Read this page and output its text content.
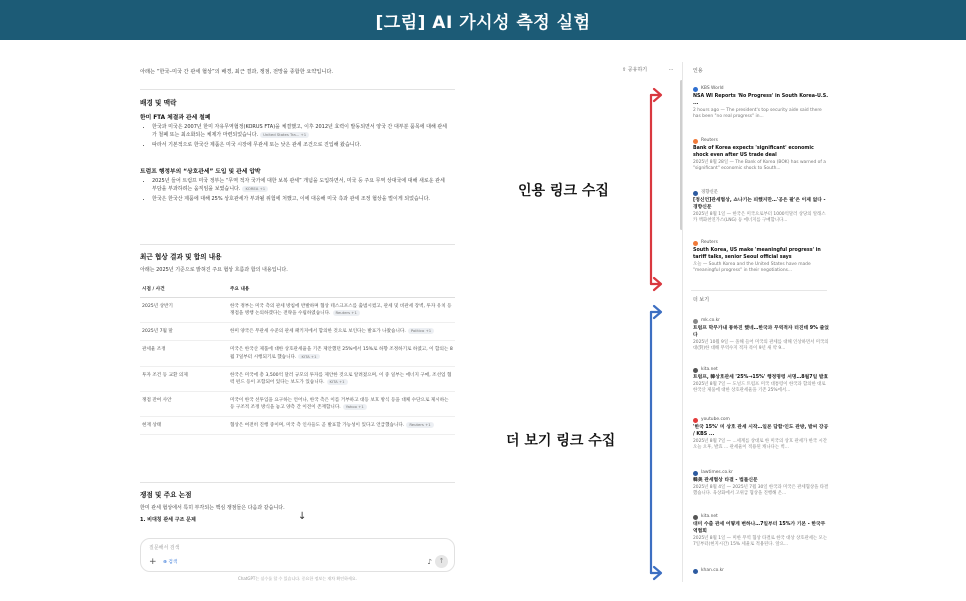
[그림] AI 가시성 측정 실험
아래는 “한국–미국 간 관세 협상”의 배경, 최근 결과, 쟁점, 전망을 종합한 요약입니다.
배경 및 맥락
한미 FTA 체결과 관세 철폐
• 한국과 미국은 2007년 한미 자유무역협정(KORUS FTA)을 체결했고, 이후 2012년 효력이 발동되면서 양국 간 대부분 품목에 대해 관세가 철폐 또는 최소화되는 체제가 마련되었습니다. United States Tra... +1
• 따라서 기본적으로 한국산 제품은 미국 시장에 무관세 또는 낮은 관세 조건으로 진입해 왔습니다.
트럼프 행정부의 “상호관세” 도입 및 관세 압박
• 2025년 들어 트럼프 미국 정부는 “무역 적자 국가에 대한 보복 관세” 개념을 도입하면서, 미국 등 주요 무역 상대국에 대해 새로운 관세 부담을 부과하려는 움직임을 보였습니다. KOREA +1
• 한국은 한국산 제품에 대해 25% 상호관세가 부과될 위험에 처했고, 이에 대응해 미국 측과 관세 조정 협상을 벌이게 되었습니다.
최근 협상 결과 및 합의 내용
아래는 2025년 기준으로 밝혀진 주요 협상 흐름과 합의 내용입니다.
시점 / 사건	주요 내용
2025년 상반기	한국 정부는 미국 측의 관세 방침에 반발하며 협상 테스크포스를 출범시켰고, 관세 및 비관세 장벽, 투자 유치 등 쟁점을 병행 논의하겠다는 전략을 수립하였습니다. Reuters +1
2025년 7월 말	한미 양국은 무관세 수준의 관세 패키지에서 합의한 것으로 보인다는 발표가 나왔습니다. Politico +1
관세율 조정	미국은 한국산 제품에 대한 상호관세율을 기존 제안했던 25%에서 15%로 하향 조정하기로 하였고, 이 합의는 8월 7일부터 시행되기로 했습니다. KITA +1
투자 조건 등 교환 의제	한국은 미국에 총 3,500억 달러 규모의 투자를 제안한 것으로 알려졌으며, 이 중 일부는 에너지 구매, 조선업 협력 펀드 등이 포함되어 있다는 보도가 있습니다. KITA +1
쟁점 잔여 사안	미국이 한국 선투입을 요구하는 언어나, 한국 측은 이를 거부하고 대등 보호 방식 등을 대체 수단으로 제시하는 등 구조적 조정 방식을 놓고 양측 간 이견이 존재합니다. Yahoo +1
현재 상태	협상은 여전히 진행 중이며, 미국 측 인사들도 곧 발표할 가능성이 있다고 언급했습니다. Reuters +1
쟁점 및 주요 논점
한미 관세 협상에서 특히 부각되는 핵심 쟁점들은 다음과 같습니다.
1. 비대칭 관세 구조 문제	↓
질문해서 검색
+ ⊕ 검색	♪ ↑
ChatGPT는 실수를 할 수 있습니다. 중요한 정보는 재차 확인하세요.
⇪ 공유하기	···	인용
KBS World
NSA WI Reports 'No Progress' in South Korea-U.S. ...
2 hours ago — The president's top security aide said there has been "no real progress" in...
Reuters
Bank of Korea expects 'significant' economic shock even after US trade deal
2025년 8월 28일 — The Bank of Korea (BOK) has warned of a "significant" economic shock to South...
경향신문
[정신언]관세협상, 쇼나기는 피했지만…'공은 팔'은 이제 없다 - 경향신문
2025년 8월 1일 — 한국은 미국으로부터 1000억달러 상당의 알래스카 액화천연가스(LNG) 등 에너지를 구매합니다...
Reuters
South Korea, US make 'meaningful progress' in tariff talks, senior Seoul official says
오늘 — South Korea and the United States have made "meaningful progress" in their negotiations...
더 보기
mk.co.kr
트럼프 막무가내 통하진 했네…한국과 무역적자 터진데 9% 줄었다
2025년 10월 9일 — 올해 들어 미국의 관세를 대해 인상하면서 미국의 대(對)한 대해 무역수지 적자 폭이 9년 새 약 9...
kita.net
트럼프, 韓상호관세 '25%→15%' 행정명령 서명…8월7일 발효
2025년 8월 7일 — 도널드 트럼프 미국 대통령이 한국과 합의한 대로 한국산 제품에 대한 상호관세율을 기존 25%에서...
youtube.com
'한국 15%' 미 상호 관세 시작…일본 담합·인도 관방, 발씨 강공 / KBS ...
2025년 8월 7일 — ...세계를 상대로 한 미국의 상호 관세가 한국 시간 오늘 오후, 발효 ... 관세율이 적용된 캐나다는 벽...
lawtimes.co.kr
韓美 관세협상 타결 - 법률신문
2025년 8월 4일 — 2025년 7월 30일 한국과 미국은 관세협상을 타결했습니다. 육상화에서 고위급 협상을 진행해 온...
kita.net
대미 수출 관세 어떻게 변하나…7일부터 15%가 기본 - 한국무역협회
2025년 8월 1일 — 미한 무역 협상 타결로 한국 대상 상호관세는 모는 7일부터(현지시간) 15% 세율로 적용된다. 앞으...
khan.co.kr
인용 링크 수집
더 보기 링크 수집
